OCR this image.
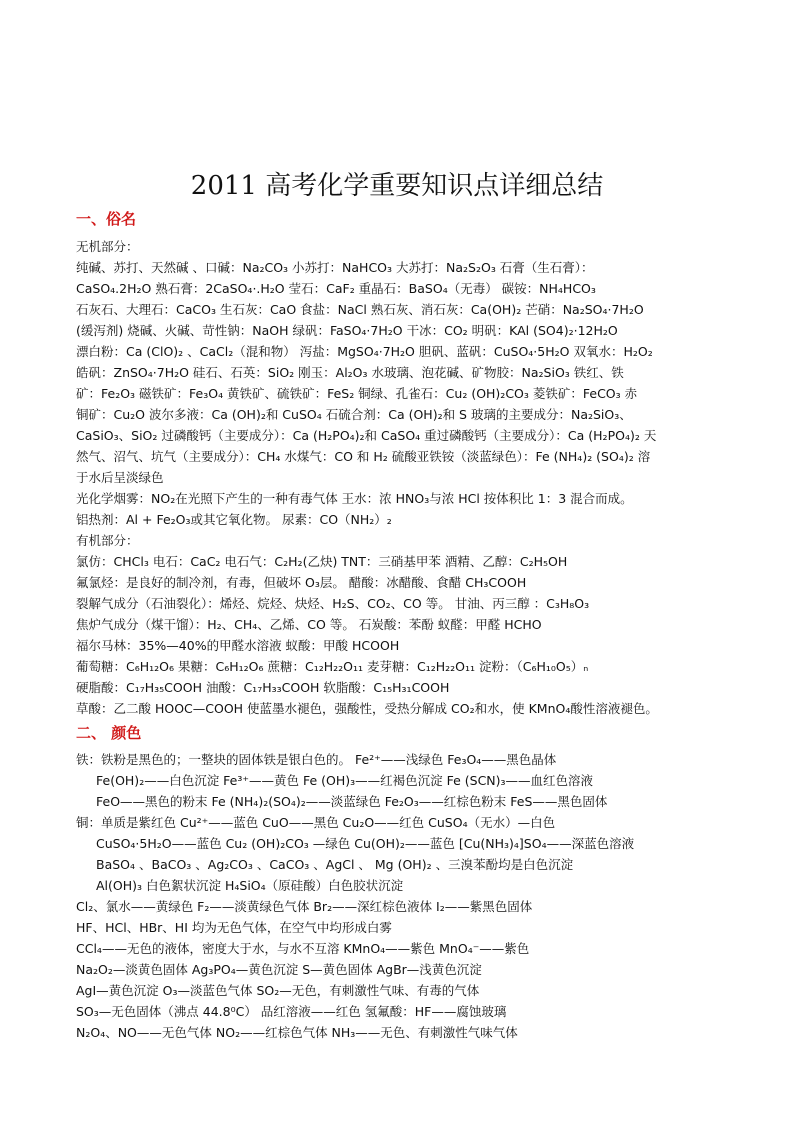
2011 高考化学重要知识点详细总结
一、俗名
无机部分：
纯碱、苏打、天然碱 、口碱：Na₂CO₃ 小苏打：NaHCO₃ 大苏打：Na₂S₂O₃ 石膏（生石膏）：
CaSO₄.2H₂O 熟石膏：2CaSO₄·.H₂O 莹石：CaF₂ 重晶石：BaSO₄（无毒） 碳铵：NH₄HCO₃
石灰石、大理石：CaCO₃ 生石灰：CaO 食盐：NaCl 熟石灰、消石灰：Ca(OH)₂ 芒硝：Na₂SO₄·7H₂O
(缓泻剂) 烧碱、火碱、苛性钠：NaOH 绿矾：FaSO₄·7H₂O 干冰：CO₂ 明矾：KAl (SO4)₂·12H₂O
漂白粉：Ca (ClO)₂ 、CaCl₂（混和物） 泻盐：MgSO₄·7H₂O 胆矾、蓝矾：CuSO₄·5H₂O 双氧水：H₂O₂
皓矾：ZnSO₄·7H₂O 硅石、石英：SiO₂ 刚玉：Al₂O₃ 水玻璃、泡花碱、矿物胶：Na₂SiO₃ 铁红、铁
矿：Fe₂O₃ 磁铁矿：Fe₃O₄ 黄铁矿、硫铁矿：FeS₂ 铜绿、孔雀石：Cu₂ (OH)₂CO₃ 菱铁矿：FeCO₃ 赤
铜矿：Cu₂O 波尔多液：Ca (OH)₂和 CuSO₄ 石硫合剂：Ca (OH)₂和 S 玻璃的主要成分：Na₂SiO₃、
CaSiO₃、SiO₂ 过磷酸钙（主要成分）：Ca (H₂PO₄)₂和 CaSO₄ 重过磷酸钙（主要成分）：Ca (H₂PO₄)₂ 天
然气、沼气、坑气（主要成分）：CH₄ 水煤气：CO 和 H₂ 硫酸亚铁铵（淡蓝绿色）：Fe (NH₄)₂ (SO₄)₂ 溶
于水后呈淡绿色
光化学烟雾：NO₂在光照下产生的一种有毒气体 王水：浓 HNO₃与浓 HCl 按体积比 1：3 混合而成。
铝热剂：Al + Fe₂O₃或其它氧化物。 尿素：CO（NH₂）₂
有机部分：
氯仿：CHCl₃ 电石：CaC₂ 电石气：C₂H₂(乙炔) TNT：三硝基甲苯 酒精、乙醇：C₂H₅OH
氟氯烃：是良好的制冷剂，有毒，但破坏 O₃层。 醋酸：冰醋酸、食醋 CH₃COOH
裂解气成分（石油裂化）：烯烃、烷烃、炔烃、H₂S、CO₂、CO 等。 甘油、丙三醇 ：C₃H₈O₃
焦炉气成分（煤干馏）：H₂、CH₄、乙烯、CO 等。 石炭酸：苯酚 蚁醛：甲醛 HCHO
福尔马林：35%—40%的甲醛水溶液 蚁酸：甲酸 HCOOH
葡萄糖：C₆H₁₂O₆ 果糖：C₆H₁₂O₆ 蔗糖：C₁₂H₂₂O₁₁ 麦芽糖：C₁₂H₂₂O₁₁ 淀粉：（C₆H₁₀O₅）ₙ
硬脂酸：C₁₇H₃₅COOH 油酸：C₁₇H₃₃COOH 软脂酸：C₁₅H₃₁COOH
草酸：乙二酸 HOOC—COOH 使蓝墨水褪色，强酸性，受热分解成 CO₂和水，使 KMnO₄酸性溶液褪色。
二、 颜色
铁：铁粉是黑色的；一整块的固体铁是银白色的。 Fe²⁺——浅绿色 Fe₃O₄——黑色晶体
Fe(OH)₂——白色沉淀 Fe³⁺——黄色 Fe (OH)₃——红褐色沉淀 Fe (SCN)₃——血红色溶液
FeO——黑色的粉末 Fe (NH₄)₂(SO₄)₂——淡蓝绿色 Fe₂O₃——红棕色粉末 FeS——黑色固体
铜：单质是紫红色 Cu²⁺——蓝色 CuO——黑色 Cu₂O——红色 CuSO₄（无水）—白色
CuSO₄·5H₂O——蓝色 Cu₂ (OH)₂CO₃ —绿色 Cu(OH)₂——蓝色 [Cu(NH₃)₄]SO₄——深蓝色溶液
BaSO₄ 、BaCO₃ 、Ag₂CO₃ 、CaCO₃ 、AgCl 、 Mg (OH)₂ 、三溴苯酚均是白色沉淀
Al(OH)₃ 白色絮状沉淀 H₄SiO₄（原硅酸）白色胶状沉淀
Cl₂、氯水——黄绿色 F₂——淡黄绿色气体 Br₂——深红棕色液体 I₂——紫黑色固体
HF、HCl、HBr、HI 均为无色气体，在空气中均形成白雾
CCl₄——无色的液体，密度大于水，与水不互溶 KMnO₄——紫色 MnO₄⁻——紫色
Na₂O₂—淡黄色固体 Ag₃PO₄—黄色沉淀 S—黄色固体 AgBr—浅黄色沉淀
AgI—黄色沉淀 O₃—淡蓝色气体 SO₂—无色，有刺激性气味、有毒的气体
SO₃—无色固体（沸点 44.8⁰C） 品红溶液——红色 氢氟酸：HF——腐蚀玻璃
N₂O₄、NO——无色气体 NO₂——红棕色气体 NH₃——无色、有刺激性气味气体
